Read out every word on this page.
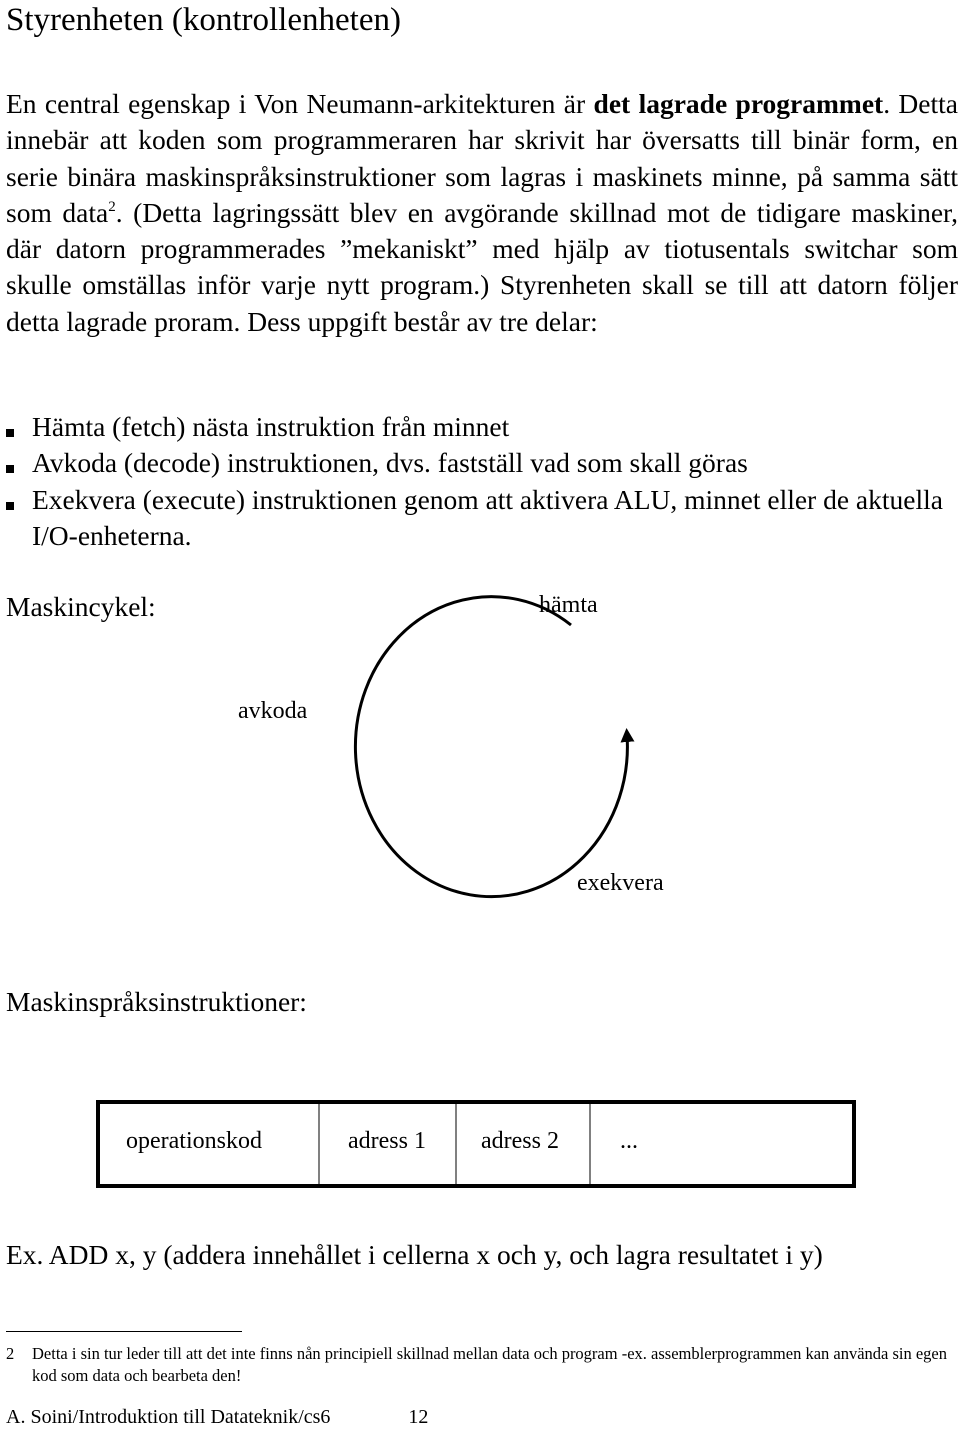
Styrenheten (kontrollenheten)
En central egenskap i Von Neumann-arkitekturen är det lagrade programmet. Detta innebär att koden som programmeraren har skrivit har översatts till binär form, en serie binära maskinspråksinstruktioner som lagras i maskinets minne, på samma sätt som data$^2$. (Detta lagringssätt blev en avgörande skillnad mot de tidigare maskiner, där datorn programmerades ”mekaniskt” med hjälp av tiotusentals switchar som skulle omställas inför varje nytt program.) Styrenheten skall se till att datorn följer detta lagrade proram. Dess uppgift består av tre delar:
Hämta (fetch) nästa instruktion från minnet
Avkoda (decode) instruktionen, dvs. fastställ vad som skall göras
Exekvera (execute) instruktionen genom att aktivera ALU, minnet eller de aktuella I/O-enheterna.
Maskincykel:	hämta
avkoda
exekvera
Maskinspråksinstruktioner:
operationskod	adress 1 adress 2	...
Ex. ADD x, y (addera innehållet i cellerna x och y, och lagra resultatet i y)
2 Detta i sin tur leder till att det inte finns nån principiell skillnad mellan data och program -ex. assemblerprogrammen kan använda sin egen kod som data och bearbeta den!
A. Soini/Introduktion till Datateknik/cs6	12
